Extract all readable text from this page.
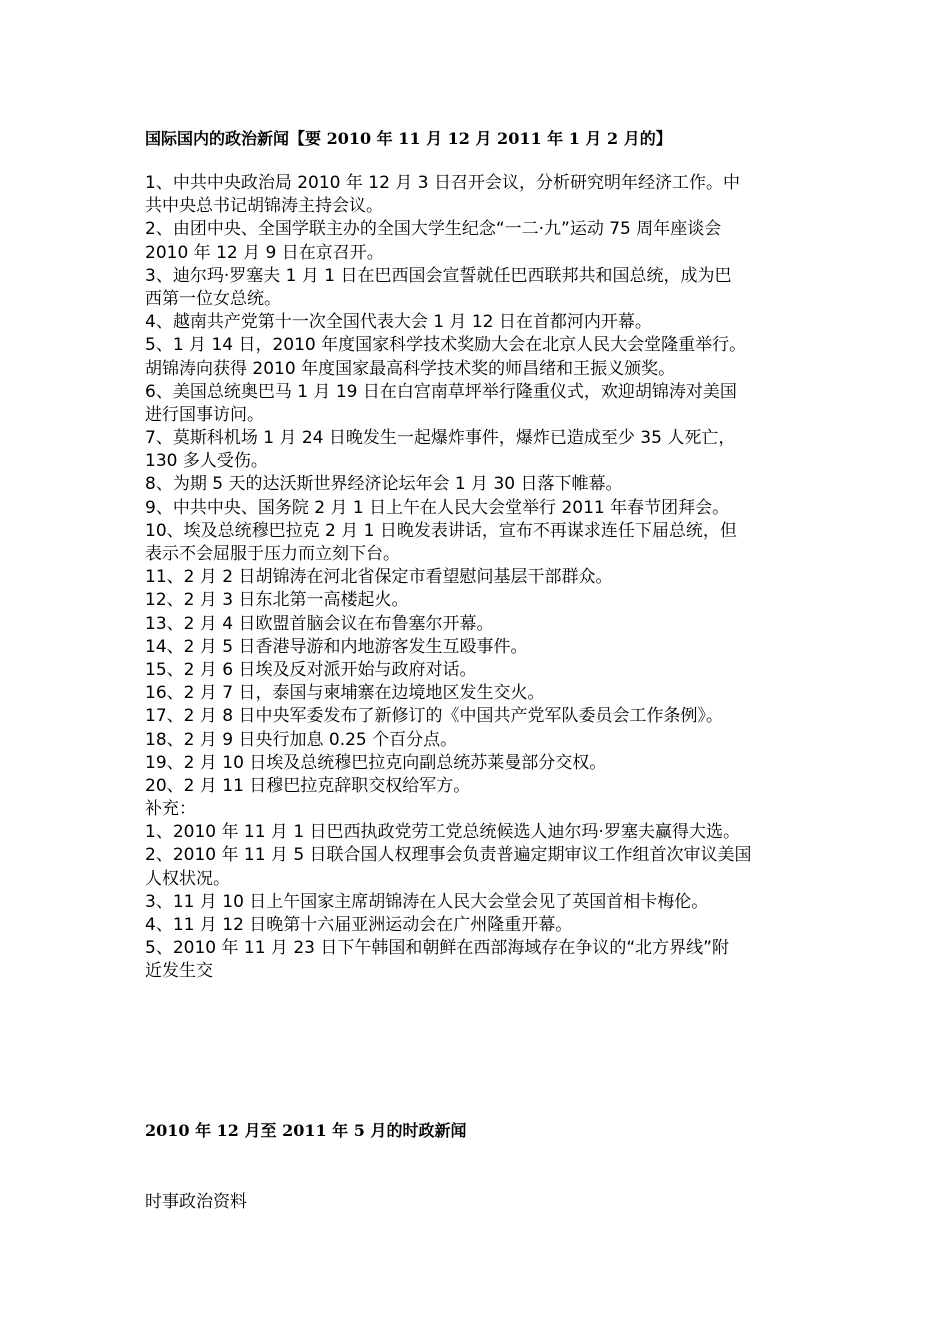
国际国内的政治新闻【要 2010 年 11 月 12 月 2011 年 1 月 2 月的】
1、中共中央政治局 2010 年 12 月 3 日召开会议，分析研究明年经济工作。中
共中央总书记胡锦涛主持会议。
2、由团中央、全国学联主办的全国大学生纪念“一二·九”运动 75 周年座谈会
2010 年 12 月 9 日在京召开。
3、迪尔玛·罗塞夫 1 月 1 日在巴西国会宣誓就任巴西联邦共和国总统，成为巴
西第一位女总统。
4、越南共产党第十一次全国代表大会 1 月 12 日在首都河内开幕。
5、1 月 14 日，2010 年度国家科学技术奖励大会在北京人民大会堂隆重举行。
胡锦涛向获得 2010 年度国家最高科学技术奖的师昌绪和王振义颁奖。
6、美国总统奥巴马 1 月 19 日在白宫南草坪举行隆重仪式，欢迎胡锦涛对美国
进行国事访问。
7、莫斯科机场 1 月 24 日晚发生一起爆炸事件，爆炸已造成至少 35 人死亡，
130 多人受伤。
8、为期 5 天的达沃斯世界经济论坛年会 1 月 30 日落下帷幕。
9、中共中央、国务院 2 月 1 日上午在人民大会堂举行 2011 年春节团拜会。
10、埃及总统穆巴拉克 2 月 1 日晚发表讲话，宣布不再谋求连任下届总统，但
表示不会屈服于压力而立刻下台。
11、2 月 2 日胡锦涛在河北省保定市看望慰问基层干部群众。
12、2 月 3 日东北第一高楼起火。
13、2 月 4 日欧盟首脑会议在布鲁塞尔开幕。
14、2 月 5 日香港导游和内地游客发生互殴事件。
15、2 月 6 日埃及反对派开始与政府对话。
16、2 月 7 日，泰国与柬埔寨在边境地区发生交火。
17、2 月 8 日中央军委发布了新修订的《中国共产党军队委员会工作条例》。
18、2 月 9 日央行加息 0.25 个百分点。
19、2 月 10 日埃及总统穆巴拉克向副总统苏莱曼部分交权。
20、2 月 11 日穆巴拉克辞职交权给军方。
补充：
1、2010 年 11 月 1 日巴西执政党劳工党总统候选人迪尔玛·罗塞夫赢得大选。
2、2010 年 11 月 5 日联合国人权理事会负责普遍定期审议工作组首次审议美国
人权状况。
3、11 月 10 日上午国家主席胡锦涛在人民大会堂会见了英国首相卡梅伦。
4、11 月 12 日晚第十六届亚洲运动会在广州隆重开幕。
5、2010 年 11 月 23 日下午韩国和朝鲜在西部海域存在争议的“北方界线”附
近发生交
2010 年 12 月至 2011 年 5 月的时政新闻
时事政治资料
